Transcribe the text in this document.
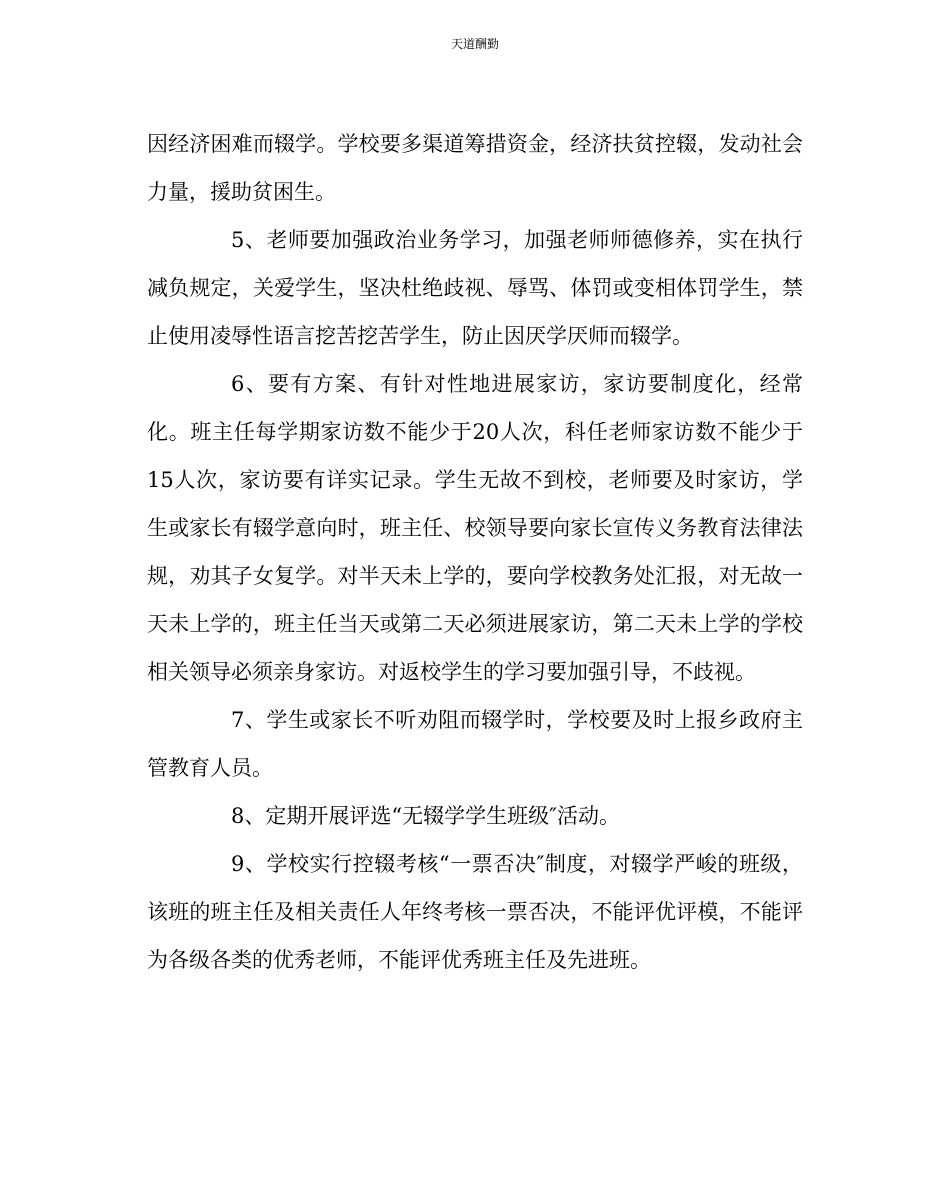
天道酬勤

因经济困难而辍学。学校要多渠道筹措资金，经济扶贫控辍，发动社会力量，援助贫困生。

5、老师要加强政治业务学习，加强老师师德修养，实在执行减负规定，关爱学生，坚决杜绝歧视、辱骂、体罚或变相体罚学生，禁止使用凌辱性语言挖苦挖苦学生，防止因厌学厌师而辍学。

6、要有方案、有针对性地进展家访，家访要制度化，经常化。班主任每学期家访数不能少于20人次，科任老师家访数不能少于15人次，家访要有详实记录。学生无故不到校，老师要及时家访，学生或家长有辍学意向时，班主任、校领导要向家长宣传义务教育法律法规，劝其子女复学。对半天未上学的，要向学校教务处汇报，对无故一天未上学的，班主任当天或第二天必须进展家访，第二天未上学的学校相关领导必须亲身家访。对返校学生的学习要加强引导，不歧视。

7、学生或家长不听劝阻而辍学时，学校要及时上报乡政府主管教育人员。

8、定期开展评选“无辍学学生班级″活动。

9、学校实行控辍考核“一票否决″制度，对辍学严峻的班级，该班的班主任及相关责任人年终考核一票否决，不能评优评模，不能评为各级各类的优秀老师，不能评优秀班主任及先进班。
